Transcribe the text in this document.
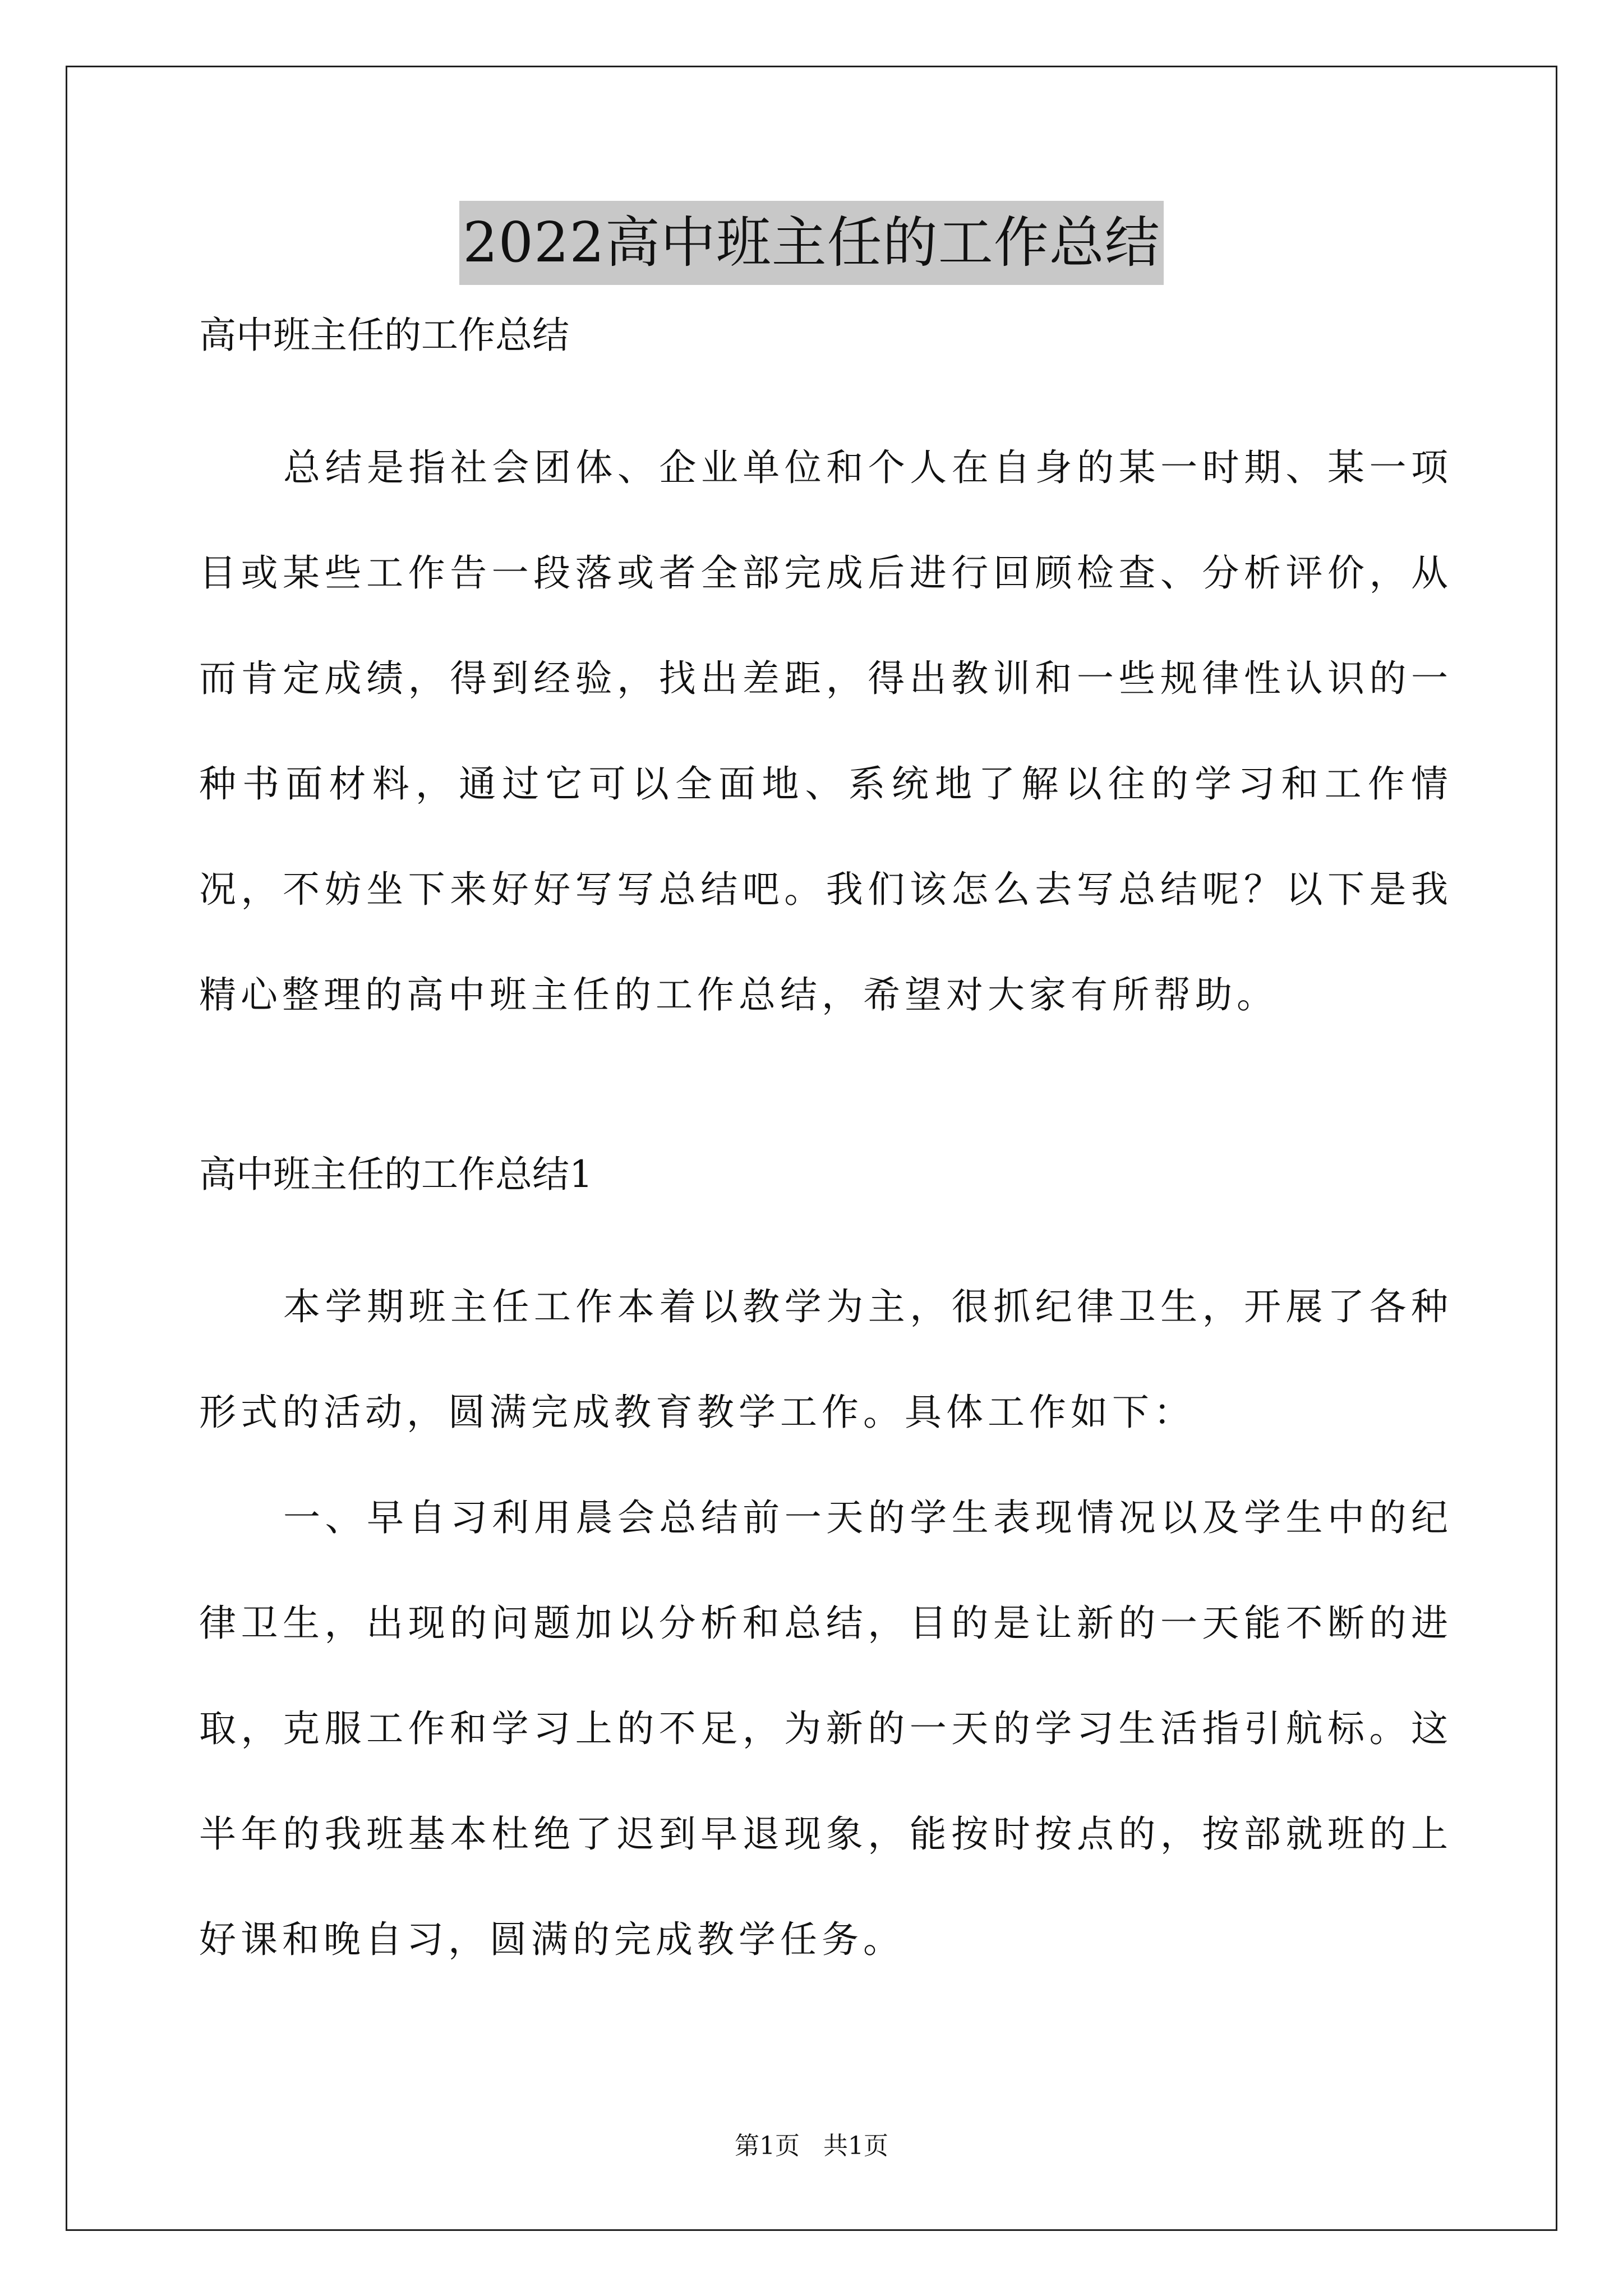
2022高中班主任的工作总结

高中班主任的工作总结

总结是指社会团体、企业单位和个人在自身的某一时期、某一项目或某些工作告一段落或者全部完成后进行回顾检查、分析评价，从而肯定成绩，得到经验，找出差距，得出教训和一些规律性认识的一种书面材料，通过它可以全面地、系统地了解以往的学习和工作情况，不妨坐下来好好写写总结吧。我们该怎么去写总结呢？以下是我精心整理的高中班主任的工作总结，希望对大家有所帮助。

高中班主任的工作总结1

本学期班主任工作本着以教学为主，很抓纪律卫生，开展了各种形式的活动，圆满完成教育教学工作。具体工作如下：

一、早自习利用晨会总结前一天的学生表现情况以及学生中的纪律卫生，出现的问题加以分析和总结，目的是让新的一天能不断的进取，克服工作和学习上的不足，为新的一天的学习生活指引航标。这半年的我班基本杜绝了迟到早退现象，能按时按点的，按部就班的上好课和晚自习，圆满的完成教学任务。

第1页   共1页
